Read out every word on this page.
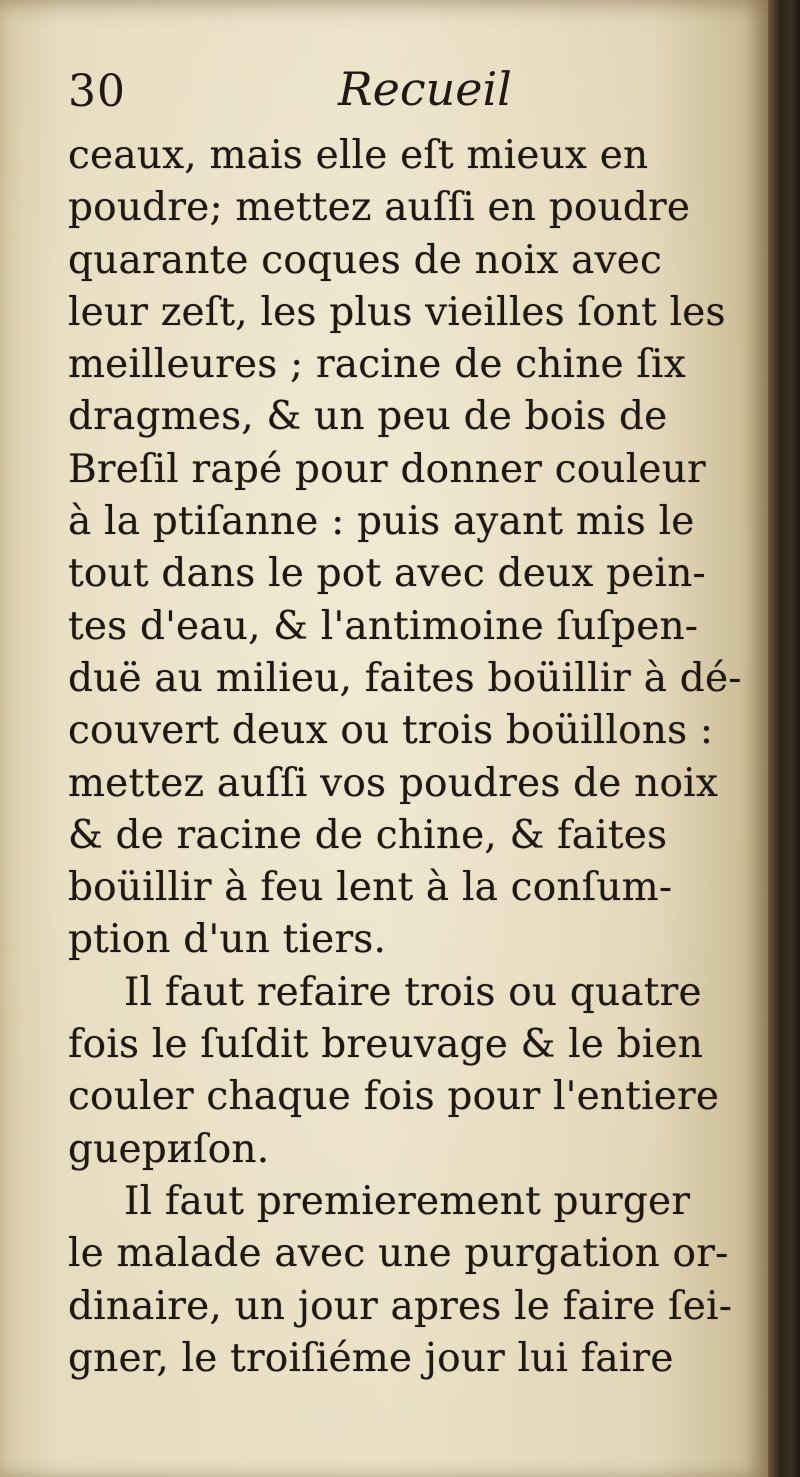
30	Recueil
ceaux, mais elle eſt mieux en
poudre; mettez auſſi en poudre
quarante coques de noix avec
leur zeſt, les plus vieilles ſont les
meilleures ; racine de chine ſix
dragmes, & un peu de bois de
Breſil rapé pour donner couleur
à la ptiſanne : puis ayant mis le
tout dans le pot avec deux pein-
tes d'eau, & l'antimoine ſuſpen-
duë au milieu, faites boüillir à dé-
couvert deux ou trois boüillons :
mettez auſſi vos poudres de noix
& de racine de chine, & faites
boüillir à feu lent à la conſum-
ption d'un tiers.
Il faut refaire trois ou quatre
fois le ſuſdit breuvage & le bien
couler chaque fois pour l'entiere
guериſon.
Il faut premierement purger
le malade avec une purgation or-
dinaire, un jour apres le faire ſei-
gner, le troiſiéme jour lui faire
